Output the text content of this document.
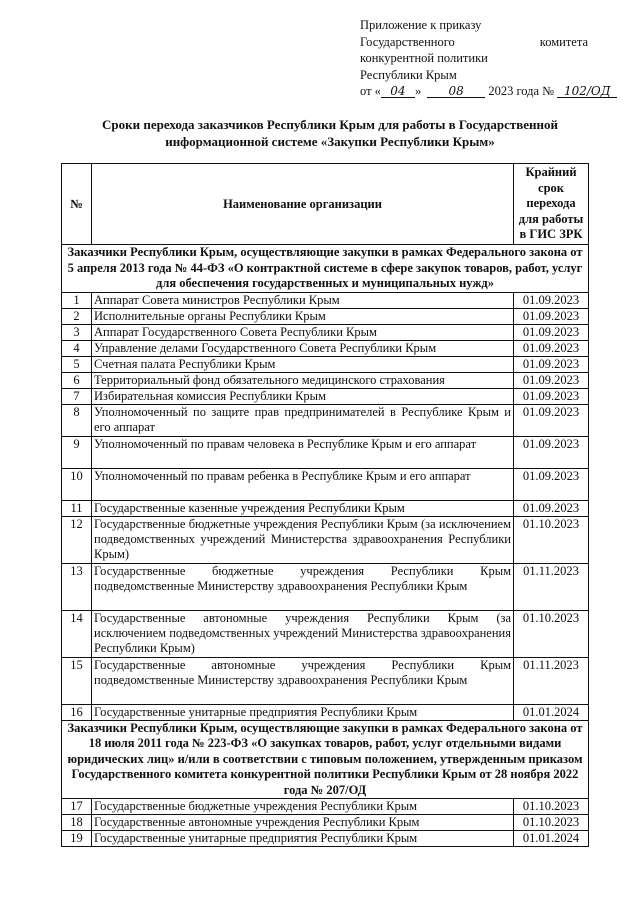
Приложение к приказу
Государственного	комитета
конкурентной политики
Республики Крым
от « 04 » 08 2023 года № 102/ОД
Сроки перехода заказчиков Республики Крым для работы в Государственной
информационной системе «Закупки Республики Крым»
№	Наименование организации	Крайний срок перехода для работы в ГИС ЗРК
Заказчики Республики Крым, осуществляющие закупки в рамках Федерального закона от 5 апреля 2013 года № 44-ФЗ «О контрактной системе в сфере закупок товаров, работ, услуг для обеспечения государственных и муниципальных нужд»		
1	Аппарат Совета министров Республики Крым	01.09.2023
2	Исполнительные органы Республики Крым	01.09.2023
3	Аппарат Государственного Совета Республики Крым	01.09.2023
4	Управление делами Государственного Совета Республики Крым	01.09.2023
5	Счетная палата Республики Крым	01.09.2023
6	Территориальный фонд обязательного медицинского страхования	01.09.2023
7	Избирательная комиссия Республики Крым	01.09.2023
8	Уполномоченный по защите прав предпринимателей в Республике Крым и его аппарат	01.09.2023
9	Уполномоченный по правам человека в Республике Крым и его аппарат	01.09.2023
10	Уполномоченный по правам ребенка в Республике Крым и его аппарат	01.09.2023
11	Государственные казенные учреждения Республики Крым	01.09.2023
12	Государственные бюджетные учреждения Республики Крым (за исключением подведомственных учреждений Министерства здравоохранения Республики Крым)	01.10.2023
13	Государственные бюджетные учреждения Республики Крым подведомственные Министерству здравоохранения Республики Крым	01.11.2023
14	Государственные автономные учреждения Республики Крым (за исключением подведомственных учреждений Министерства здравоохранения Республики Крым)	01.10.2023
15	Государственные автономные учреждения Республики Крым подведомственные Министерству здравоохранения Республики Крым	01.11.2023
16	Государственные унитарные предприятия Республики Крым	01.01.2024
Заказчики Республики Крым, осуществляющие закупки в рамках Федерального закона от 18 июля 2011 года № 223-ФЗ «О закупках товаров, работ, услуг отдельными видами юридических лиц» и/или в соответствии с типовым положением, утвержденным приказом Государственного комитета конкурентной политики Республики Крым от 28 ноября 2022 года № 207/ОД		
17	Государственные бюджетные учреждения Республики Крым	01.10.2023
18	Государственные автономные учреждения Республики Крым	01.10.2023
19	Государственные унитарные предприятия Республики Крым	01.01.2024
